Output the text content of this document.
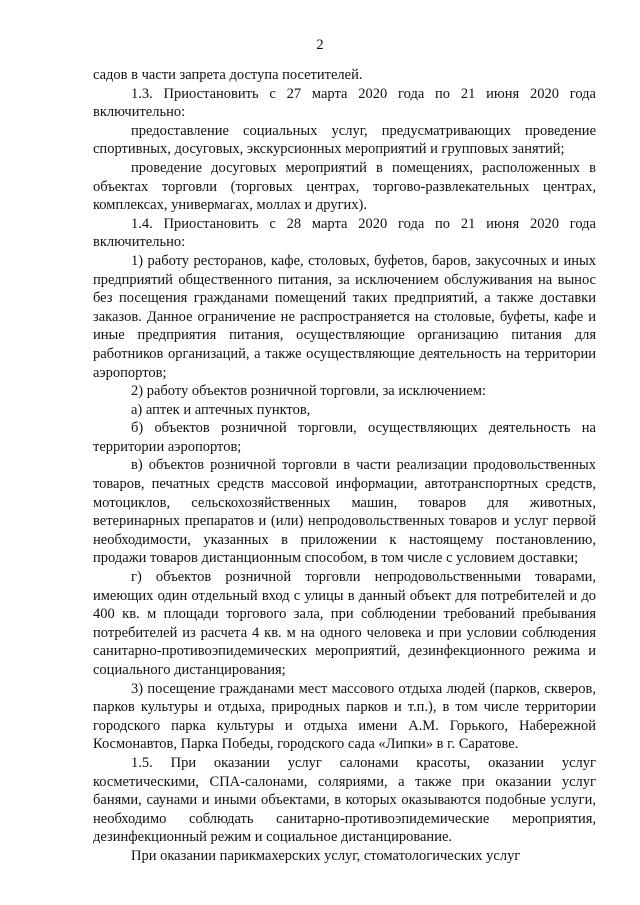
2

садов в части запрета доступа посетителей.

1.3. Приостановить с 27 марта 2020 года по 21 июня 2020 года включительно:

предоставление социальных услуг, предусматривающих проведение спортивных, досуговых, экскурсионных мероприятий и групповых занятий;

проведение досуговых мероприятий в помещениях, расположенных в объектах торговли (торговых центрах, торгово-развлекательных центрах, комплексах, универмагах, моллах и других).

1.4. Приостановить с 28 марта 2020 года по 21 июня 2020 года включительно:

1) работу ресторанов, кафе, столовых, буфетов, баров, закусочных и иных предприятий общественного питания, за исключением обслуживания на вынос без посещения гражданами помещений таких предприятий, а также доставки заказов. Данное ограничение не распространяется на столовые, буфеты, кафе и иные предприятия питания, осуществляющие организацию питания для работников организаций, а также осуществляющие деятельность на территории аэропортов;

2) работу объектов розничной торговли, за исключением:

а) аптек и аптечных пунктов,

б) объектов розничной торговли, осуществляющих деятельность на территории аэропортов;

в) объектов розничной торговли в части реализации продовольственных товаров, печатных средств массовой информации, автотранспортных средств, мотоциклов, сельскохозяйственных машин, товаров для животных, ветеринарных препаратов и (или) непродовольственных товаров и услуг первой необходимости, указанных в приложении к настоящему постановлению, продажи товаров дистанционным способом, в том числе с условием доставки;

г) объектов розничной торговли непродовольственными товарами, имеющих один отдельный вход с улицы в данный объект для потребителей и до 400 кв. м площади торгового зала, при соблюдении требований пребывания потребителей из расчета 4 кв. м на одного человека и при условии соблюдения санитарно-противоэпидемических мероприятий, дезинфекционного режима и социального дистанцирования;

3) посещение гражданами мест массового отдыха людей (парков, скверов, парков культуры и отдыха, природных парков и т.п.), в том числе территории городского парка культуры и отдыха имени А.М. Горького, Набережной Космонавтов, Парка Победы, городского сада «Липки» в г. Саратове.

1.5. При оказании услуг салонами красоты, оказании услуг косметическими, СПА-салонами, соляриями, а также при оказании услуг банями, саунами и иными объектами, в которых оказываются подобные услуги, необходимо соблюдать санитарно-противоэпидемические мероприятия, дезинфекционный режим и социальное дистанцирование.

При оказании парикмахерских услуг, стоматологических услуг
